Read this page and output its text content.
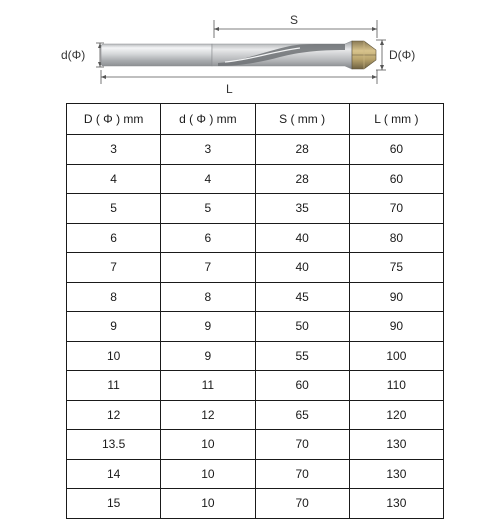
S
L
d(Φ)	D(Φ)
D ( Φ ) mm	d ( Φ ) mm	S ( mm )	L ( mm )
3	3	28	60
4	4	28	60
5	5	35	70
6	6	40	80
7	7	40	75
8	8	45	90
9	9	50	90
10	9	55	100
11	11	60	110
12	12	65	120
13.5	10	70	130
14	10	70	130
15	10	70	130
